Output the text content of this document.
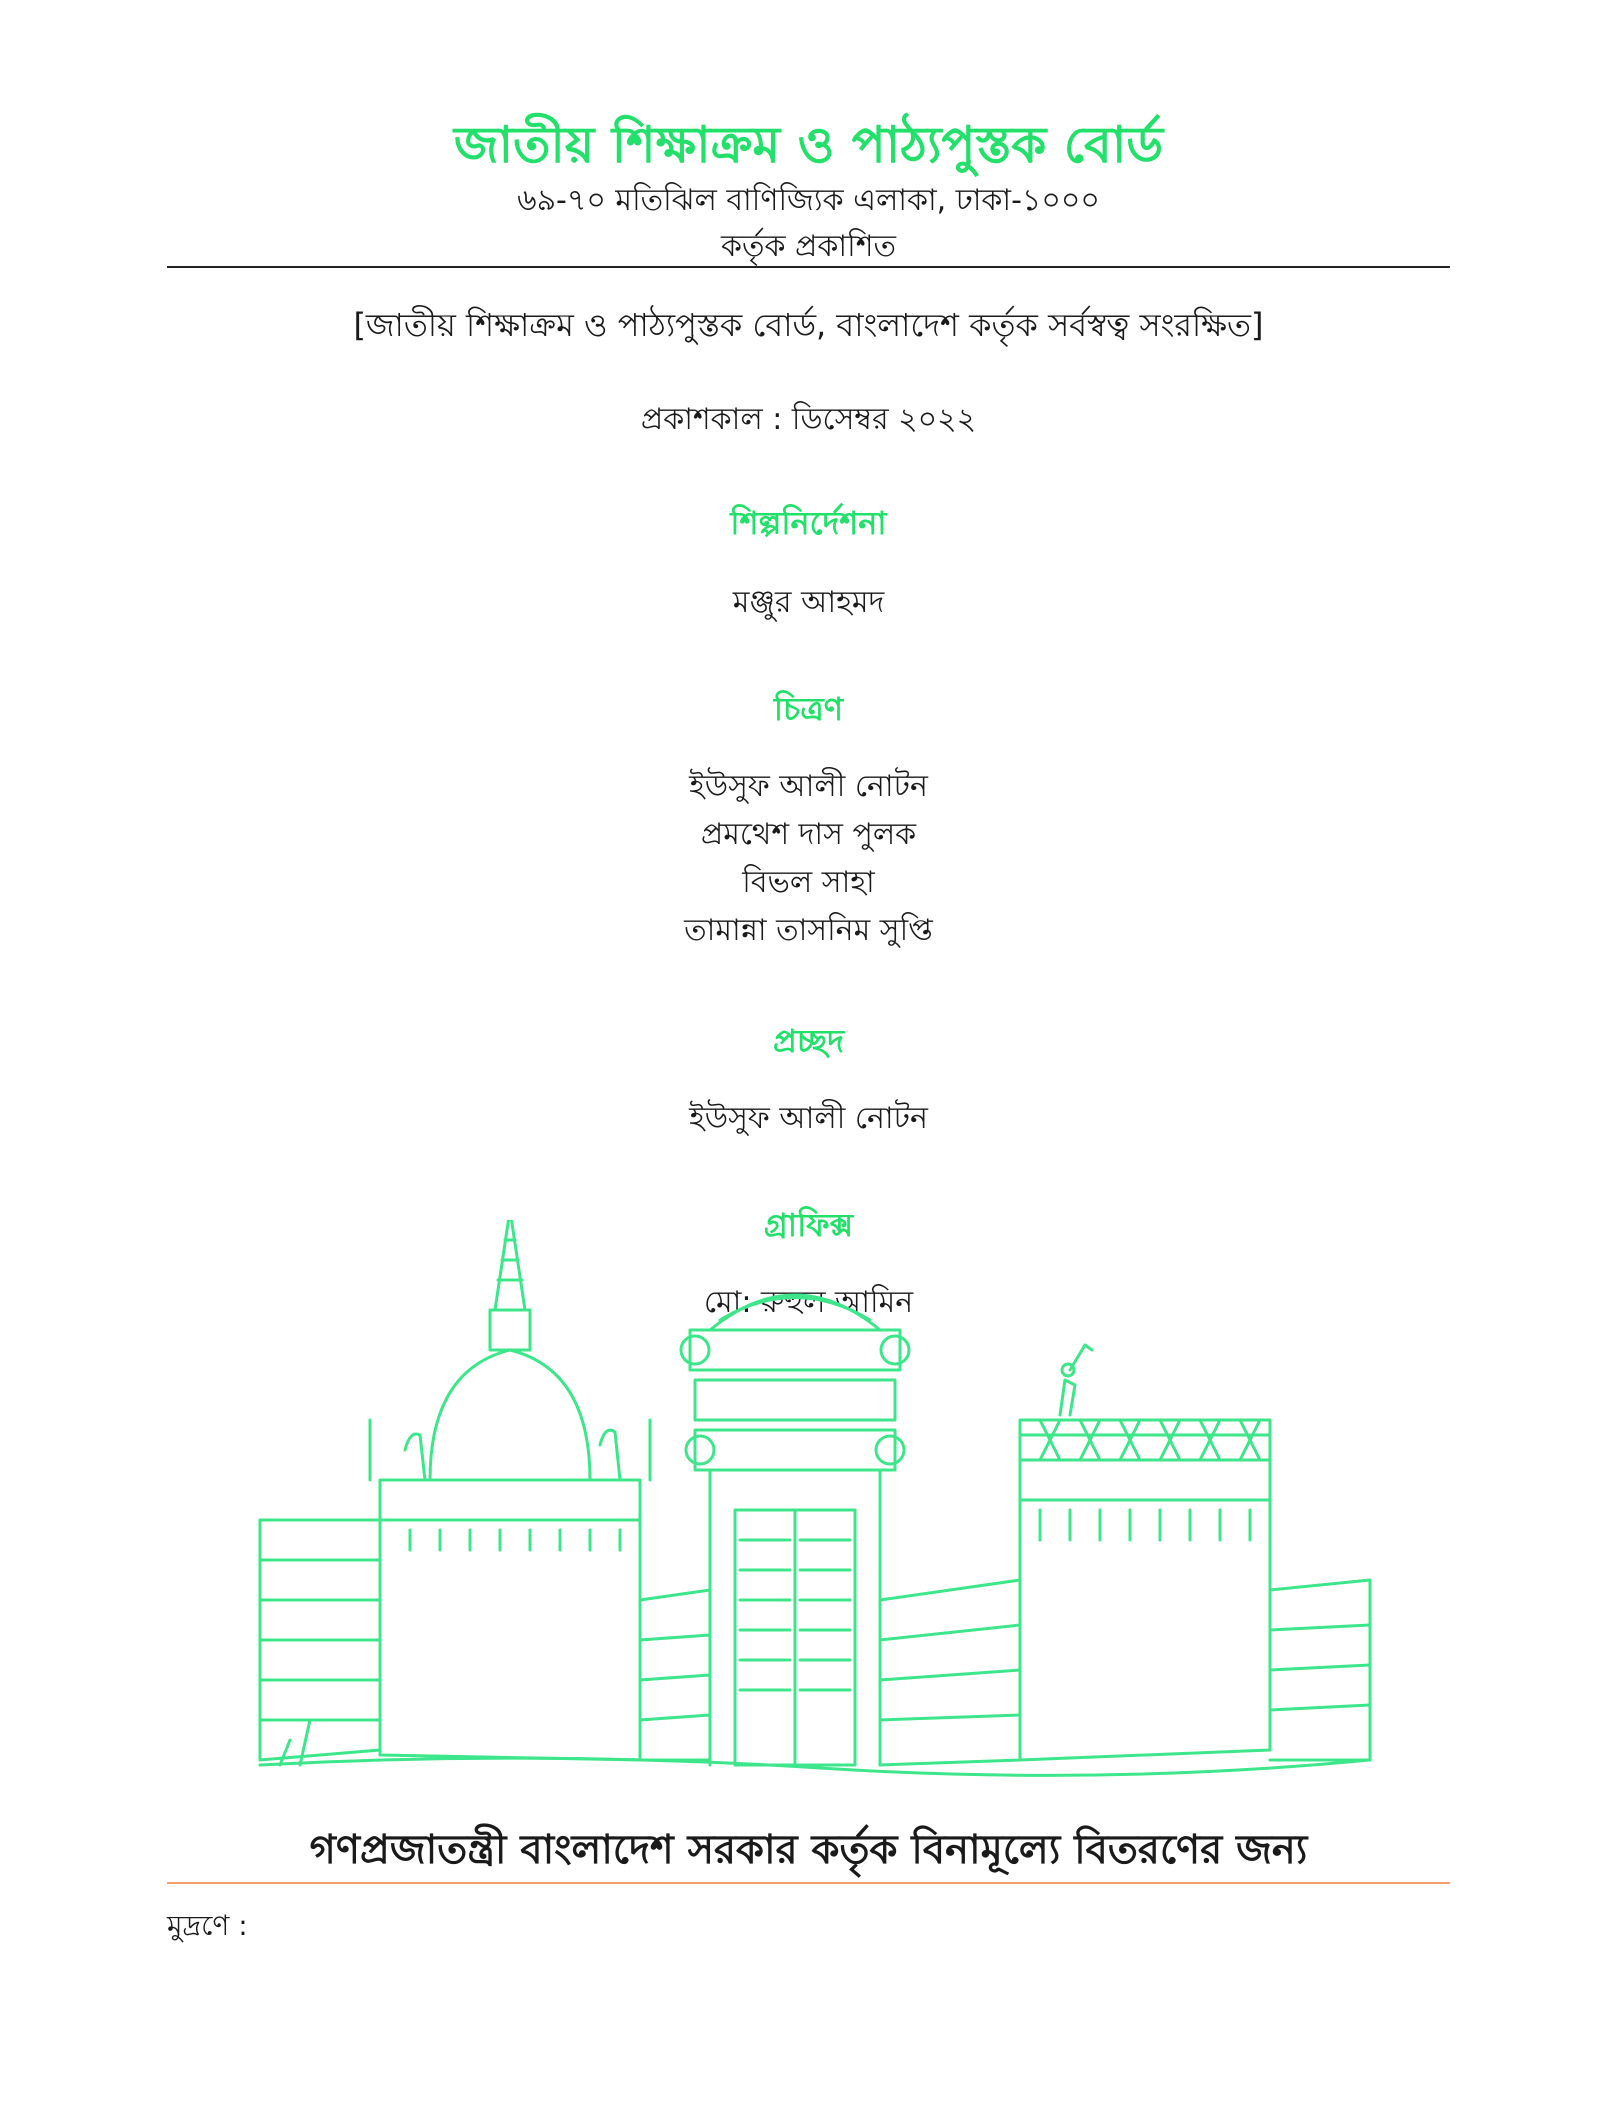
জাতীয় শিক্ষাক্রম ও পাঠ্যপুস্তক বোর্ড
৬৯-৭০ মতিঝিল বাণিজ্যিক এলাকা, ঢাকা-১০০০
কর্তৃক প্রকাশিত
[জাতীয় শিক্ষাক্রম ও পাঠ্যপুস্তক বোর্ড, বাংলাদেশ কর্তৃক সর্বস্বত্ব সংরক্ষিত]
প্রকাশকাল : ডিসেম্বর ২০২২
শিল্পনির্দেশনা
মঞ্জুর আহমদ
চিত্রণ
ইউসুফ আলী নোটন
প্রমথেশ দাস পুলক
বিভল সাহা
তামান্না তাসনিম সুপ্তি
প্রচ্ছদ
ইউসুফ আলী নোটন
গ্রাফিক্স
মো: রুহুল আমিন
গণপ্রজাতন্ত্রী বাংলাদেশ সরকার কর্তৃক বিনামূল্যে বিতরণের জন্য
মুদ্রণে :
